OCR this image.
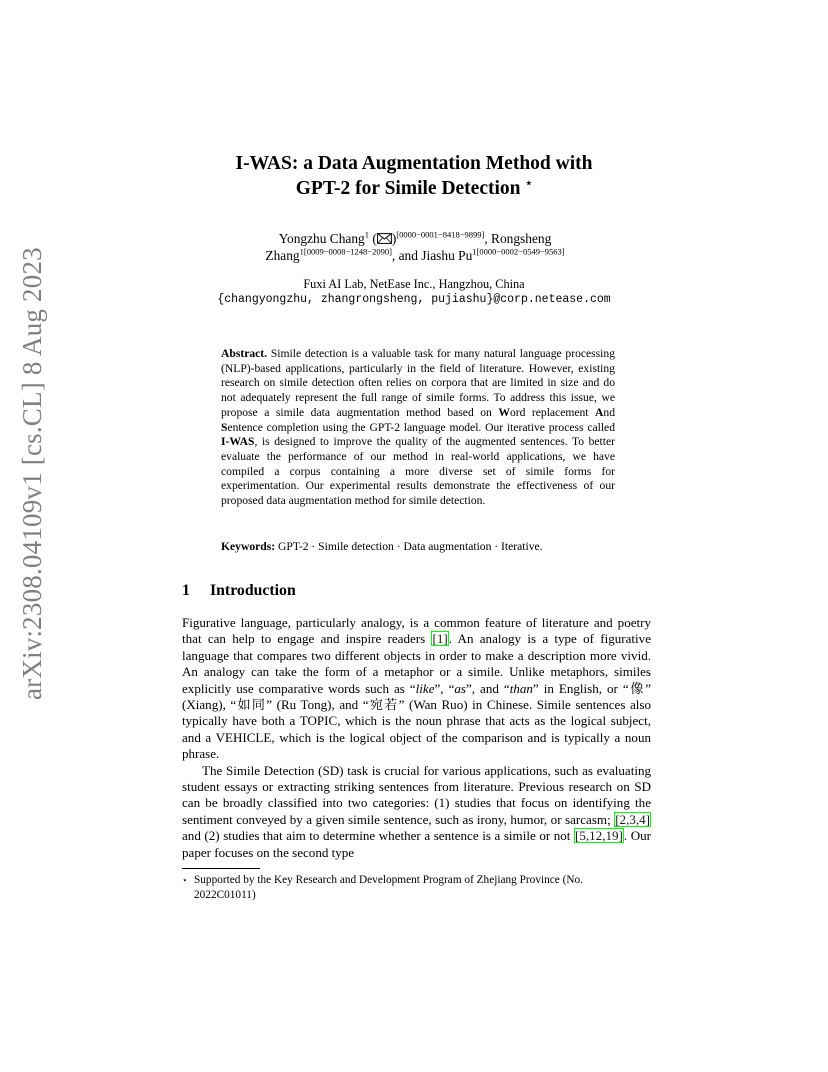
arXiv:2308.04109v1 [cs.CL] 8 Aug 2023
I-WAS: a Data Augmentation Method with
GPT-2 for Simile Detection ⋆
Yongzhu Chang$^1$ ( )[0000−0001−8418−9899], Rongsheng
Zhang$^{1[0009-0008-1248-2090]}$, and Jiashu $Pu^{1[0000-0002-0549-9563]}$
Fuxi AI Lab, NetEase Inc., Hangzhou, China
{changyongzhu, zhangrongsheng, pujiashu}@corp.netease.com
Abstract. Simile detection is a valuable task for many natural language processing (NLP)-based applications, particularly in the field of literature. However, existing research on simile detection often relies on corpora that are limited in size and do not adequately represent the full range of simile forms. To address this issue, we propose a simile data augmentation method based on Word replacement And Sentence completion using the GPT-2 language model. Our iterative process called I-WAS, is designed to improve the quality of the augmented sentences. To better evaluate the performance of our method in real-world applications, we have compiled a corpus containing a more diverse set of simile forms for experimentation. Our experimental results demonstrate the effectiveness of our proposed data augmentation method for simile detection.
Keywords: GPT-2 · Simile detection · Data augmentation · Iterative.
1 Introduction

Figurative language, particularly analogy, is a common feature of literature and poetry that can help to engage and inspire readers [1]. An analogy is a type of figurative language that compares two different objects in order to make a description more vivid. An analogy can take the form of a metaphor or a simile. Unlike metaphors, similes explicitly use comparative words such as “like”, “as”, and “than” in English, or “像” (Xiang), “如同” (Ru Tong), and “宛若” (Wan Ruo) in Chinese. Simile sentences also typically have both a TOPIC, which is the noun phrase that acts as the logical subject, and a VEHICLE, which is the logical object of the comparison and is typically a noun phrase.

The Simile Detection (SD) task is crucial for various applications, such as evaluating student essays or extracting striking sentences from literature. Previous research on SD can be broadly classified into two categories: (1) studies that focus on identifying the sentiment conveyed by a given simile sentence, such as irony, humor, or sarcasm; [2,3,4] and (2) studies that aim to determine whether a sentence is a simile or not [5,12,19]. Our paper focuses on the second type

⋆ Supported by the Key Research and Development Program of Zhejiang Province (No.
2022C01011)
